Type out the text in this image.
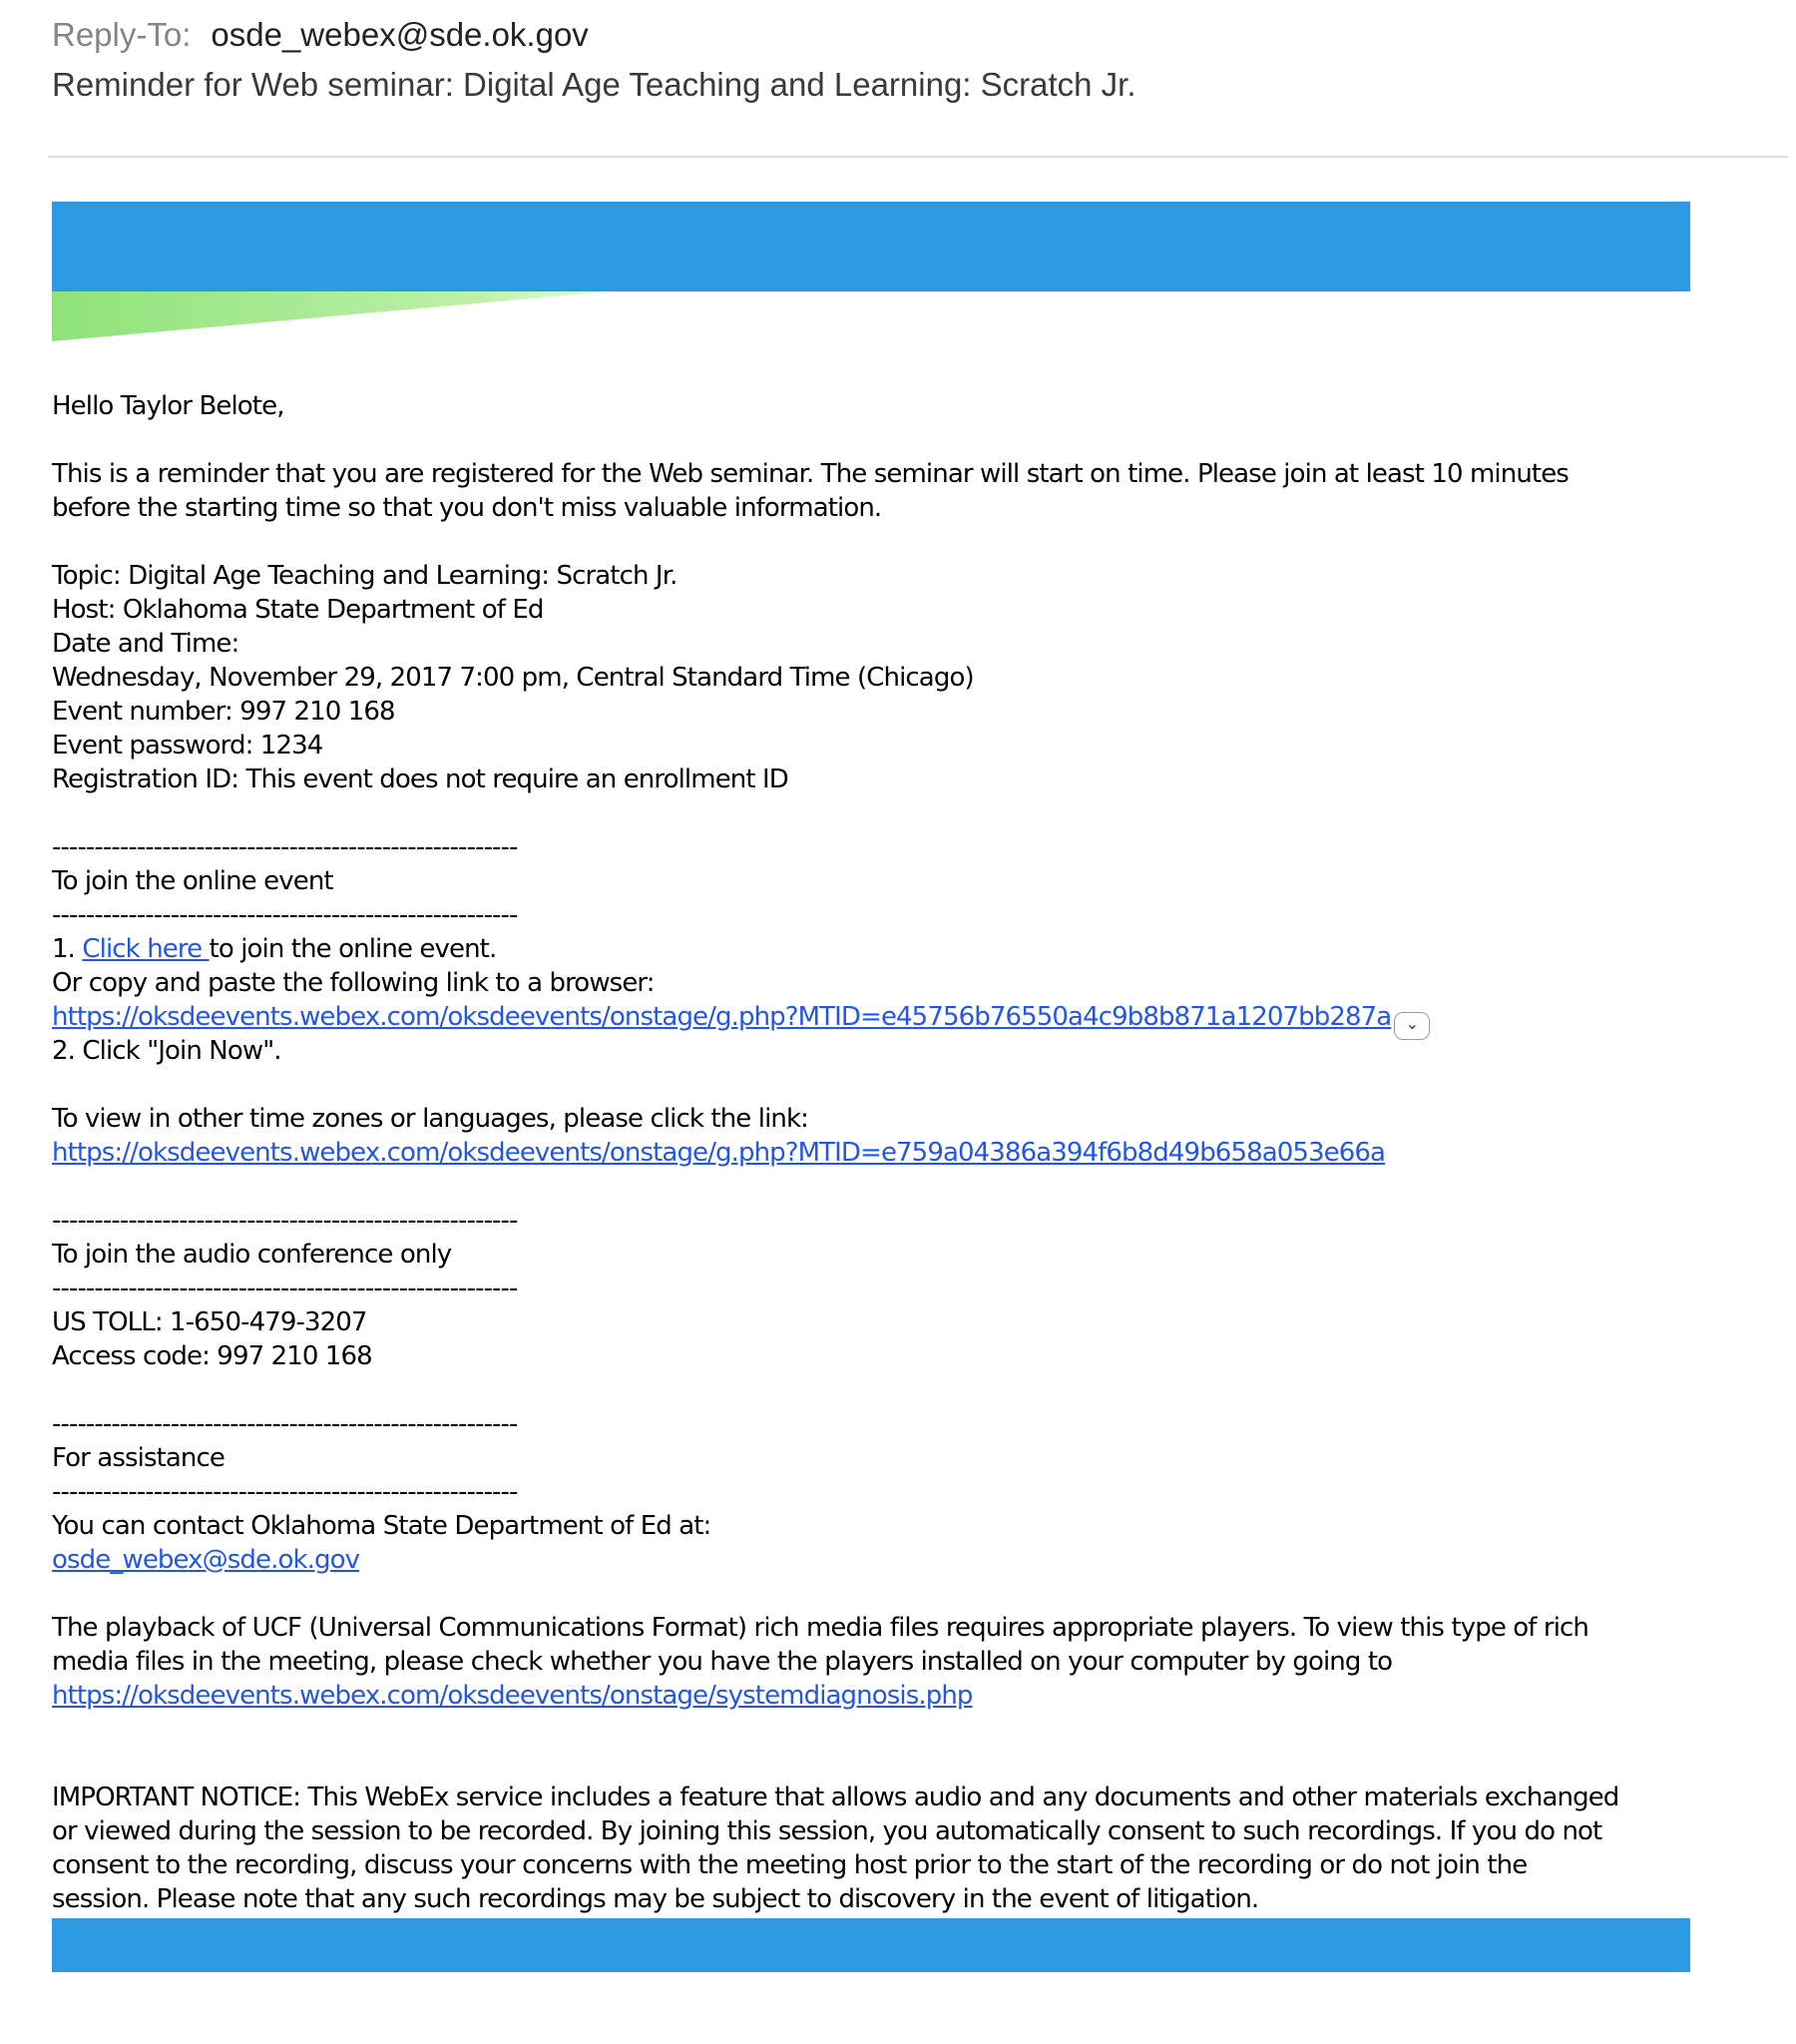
Reply-To: osde_webex@sde.ok.gov
Reminder for Web seminar: Digital Age Teaching and Learning: Scratch Jr.
Hello Taylor Belote,
This is a reminder that you are registered for the Web seminar. The seminar will start on time. Please join at least 10 minutes
before the starting time so that you don't miss valuable information.
Topic: Digital Age Teaching and Learning: Scratch Jr.
Host: Oklahoma State Department of Ed
Date and Time:
Wednesday, November 29, 2017 7:00 pm, Central Standard Time (Chicago)
Event number: 997 210 168
Event password: 1234
Registration ID: This event does not require an enrollment ID
-------------------------------------------------------
To join the online event
-------------------------------------------------------
1. Click here to join the online event.
Or copy and paste the following link to a browser:
https://oksdeevents.webex.com/oksdeevents/onstage/g.php?MTID=e45756b76550a4c9b8b871a1207bb287a ⌄
2. Click "Join Now".
To view in other time zones or languages, please click the link:
https://oksdeevents.webex.com/oksdeevents/onstage/g.php?MTID=e759a04386a394f6b8d49b658a053e66a
-------------------------------------------------------
To join the audio conference only
-------------------------------------------------------
US TOLL: 1-650-479-3207
Access code: 997 210 168
-------------------------------------------------------
For assistance
-------------------------------------------------------
You can contact Oklahoma State Department of Ed at:
osde_webex@sde.ok.gov
The playback of UCF (Universal Communications Format) rich media files requires appropriate players. To view this type of rich
media files in the meeting, please check whether you have the players installed on your computer by going to
https://oksdeevents.webex.com/oksdeevents/onstage/systemdiagnosis.php
IMPORTANT NOTICE: This WebEx service includes a feature that allows audio and any documents and other materials exchanged
or viewed during the session to be recorded. By joining this session, you automatically consent to such recordings. If you do not
consent to the recording, discuss your concerns with the meeting host prior to the start of the recording or do not join the
session. Please note that any such recordings may be subject to discovery in the event of litigation.
